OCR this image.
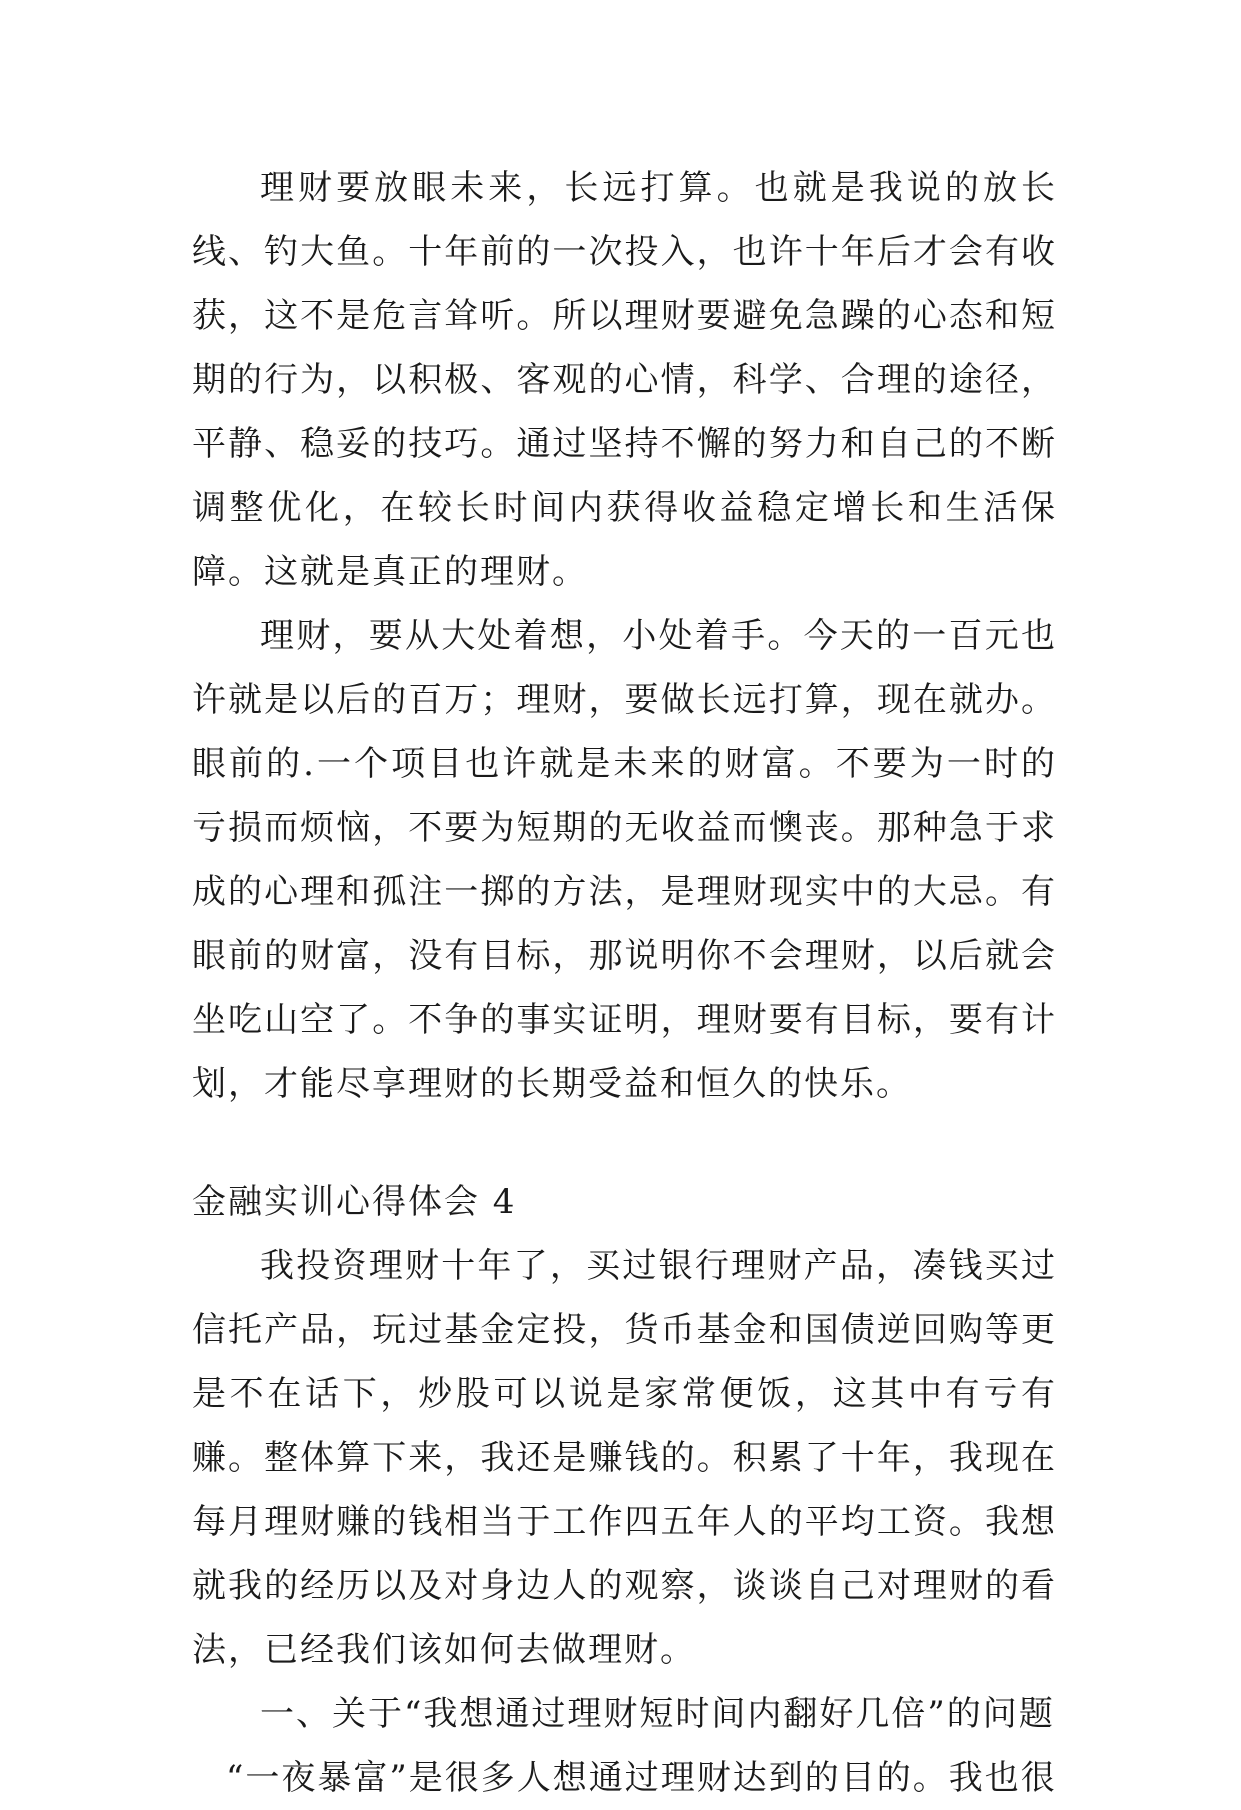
理财要放眼未来，长远打算。也就是我说的放长线、钓大鱼。十年前的一次投入，也许十年后才会有收获，这不是危言耸听。所以理财要避免急躁的心态和短期的行为，以积极、客观的心情，科学、合理的途径，平静、稳妥的技巧。通过坚持不懈的努力和自己的不断调整优化，在较长时间内获得收益稳定增长和生活保障。这就是真正的理财。

理财，要从大处着想，小处着手。今天的一百元也许就是以后的百万；理财，要做长远打算，现在就办。眼前的.一个项目也许就是未来的财富。不要为一时的亏损而烦恼，不要为短期的无收益而懊丧。那种急于求成的心理和孤注一掷的方法，是理财现实中的大忌。有眼前的财富，没有目标，那说明你不会理财，以后就会坐吃山空了。不争的事实证明，理财要有目标，要有计划，才能尽享理财的长期受益和恒久的快乐。

金融实训心得体会 4

我投资理财十年了，买过银行理财产品，凑钱买过信托产品，玩过基金定投，货币基金和国债逆回购等更是不在话下，炒股可以说是家常便饭，这其中有亏有赚。整体算下来，我还是赚钱的。积累了十年，我现在每月理财赚的钱相当于工作四五年人的平均工资。我想就我的经历以及对身边人的观察，谈谈自己对理财的看法，已经我们该如何去做理财。

一、关于“我想通过理财短时间内翻好几倍”的问题

“一夜暴富”是很多人想通过理财达到的目的。我也很
